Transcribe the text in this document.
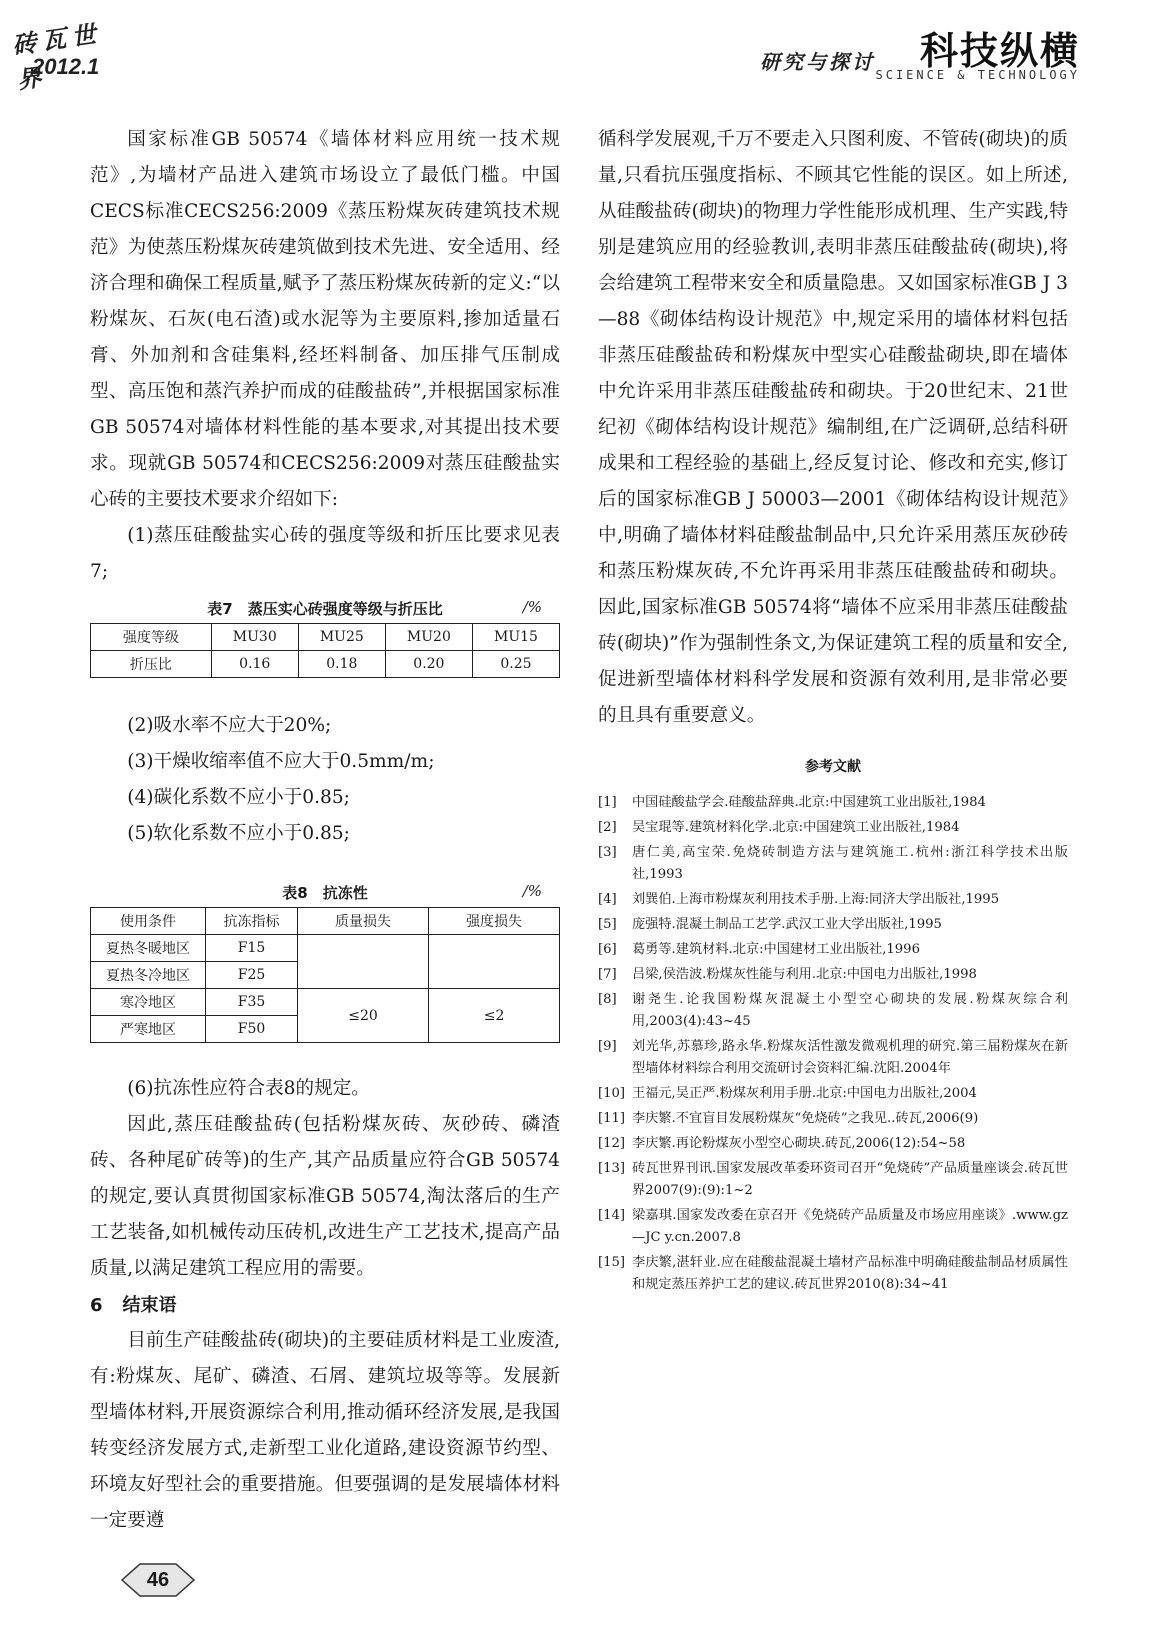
砖瓦世界
2012.1	研究与探讨 科技纵横
SCIENCE & TECHNOLOGY

国家标准GB 50574《墙体材料应用统一技术规范》,为墙材产品进入建筑市场设立了最低门槛。中国CECS标准CECS256:2009《蒸压粉煤灰砖建筑技术规范》为使蒸压粉煤灰砖建筑做到技术先进、安全适用、经济合理和确保工程质量,赋予了蒸压粉煤灰砖新的定义:“以粉煤灰、石灰(电石渣)或水泥等为主要原料,掺加适量石膏、外加剂和含硅集料,经坯料制备、加压排气压制成型、高压饱和蒸汽养护而成的硅酸盐砖”,并根据国家标准GB 50574对墙体材料性能的基本要求,对其提出技术要求。现就GB 50574和CECS256:2009对蒸压硅酸盐实心砖的主要技术要求介绍如下:

(1)蒸压硅酸盐实心砖的强度等级和折压比要求见表7;

表7　蒸压实心砖强度等级与折压比	/%
强度等级	MU30	MU25	MU20	MU15
折压比	0.16	0.18	0.20	0.25

(2)吸水率不应大于20%;

(3)干燥收缩率值不应大于0.5mm/m;

(4)碳化系数不应小于0.85;

(5)软化系数不应小于0.85;

表8　抗冻性	/%
使用条件	抗冻指标	质量损失	强度损失
夏热冬暖地区	F15		
夏热冬冷地区	F25		
寒冷地区	F35	≤20	≤2
严寒地区	F50		

(6)抗冻性应符合表8的规定。

因此,蒸压硅酸盐砖(包括粉煤灰砖、灰砂砖、磷渣砖、各种尾矿砖等)的生产,其产品质量应符合GB 50574的规定,要认真贯彻国家标准GB 50574,淘汰落后的生产工艺装备,如机械传动压砖机,改进生产工艺技术,提高产品质量,以满足建筑工程应用的需要。

6 结束语

目前生产硅酸盐砖(砌块)的主要硅质材料是工业废渣,有:粉煤灰、尾矿、磷渣、石屑、建筑垃圾等等。发展新型墙体材料,开展资源综合利用,推动循环经济发展,是我国转变经济发展方式,走新型工业化道路,建设资源节约型、环境友好型社会的重要措施。但要强调的是发展墙体材料一定要遵

循科学发展观,千万不要走入只图利废、不管砖(砌块)的质量,只看抗压强度指标、不顾其它性能的误区。如上所述,从硅酸盐砖(砌块)的物理力学性能形成机理、生产实践,特别是建筑应用的经验教训,表明非蒸压硅酸盐砖(砌块),将会给建筑工程带来安全和质量隐患。又如国家标准GB J 3—88《砌体结构设计规范》中,规定采用的墙体材料包括非蒸压硅酸盐砖和粉煤灰中型实心硅酸盐砌块,即在墙体中允许采用非蒸压硅酸盐砖和砌块。于20世纪末、21世纪初《砌体结构设计规范》编制组,在广泛调研,总结科研成果和工程经验的基础上,经反复讨论、修改和充实,修订后的国家标准GB J 50003—2001《砌体结构设计规范》中,明确了墙体材料硅酸盐制品中,只允许采用蒸压灰砂砖和蒸压粉煤灰砖,不允许再采用非蒸压硅酸盐砖和砌块。因此,国家标准GB 50574将“墙体不应采用非蒸压硅酸盐砖(砌块)”作为强制性条文,为保证建筑工程的质量和安全,促进新型墙体材料科学发展和资源有效利用,是非常必要的且具有重要意义。

参考文献
[1]	中国硅酸盐学会.硅酸盐辞典.北京:中国建筑工业出版社,1984
[2]	吴宝琨等.建筑材料化学.北京:中国建筑工业出版社,1984
[3]	唐仁美,高宝荣.免烧砖制造方法与建筑施工.杭州:浙江科学技术出版社,1993
[4]	刘巽伯.上海市粉煤灰利用技术手册.上海:同济大学出版社,1995
[5]	庞强特.混凝土制品工艺学.武汉工业大学出版社,1995
[6]	葛勇等.建筑材料.北京:中国建材工业出版社,1996
[7]	吕梁,侯浩波.粉煤灰性能与利用.北京:中国电力出版社,1998
[8]	谢尧生.论我国粉煤灰混凝土小型空心砌块的发展.粉煤灰综合利用,2003(4):43~45
[9]	刘光华,苏慕珍,路永华.粉煤灰活性激发微观机理的研究.第三届粉煤灰在新型墙体材料综合利用交流研讨会资料汇编.沈阳.2004年
[10] 王福元,吴正严.粉煤灰利用手册.北京:中国电力出版社,2004
[11] 李庆繁.不宜盲目发展粉煤灰“免烧砖”之我见..砖瓦,2006(9)
[12] 李庆繁.再论粉煤灰小型空心砌块.砖瓦,2006(12):54~58
[13] 砖瓦世界刊讯.国家发展改革委环资司召开“免烧砖”产品质量座谈会.砖瓦世界2007(9):(9):1~2
[14] 梁嘉琪.国家发改委在京召开《免烧砖产品质量及市场应用座谈》.www.gz—JC y.cn.2007.8
[15] 李庆繁,湛轩业.应在硅酸盐混凝土墙材产品标准中明确硅酸盐制品材质属性和规定蒸压养护工艺的建议.砖瓦世界2010(8):34~41
46
